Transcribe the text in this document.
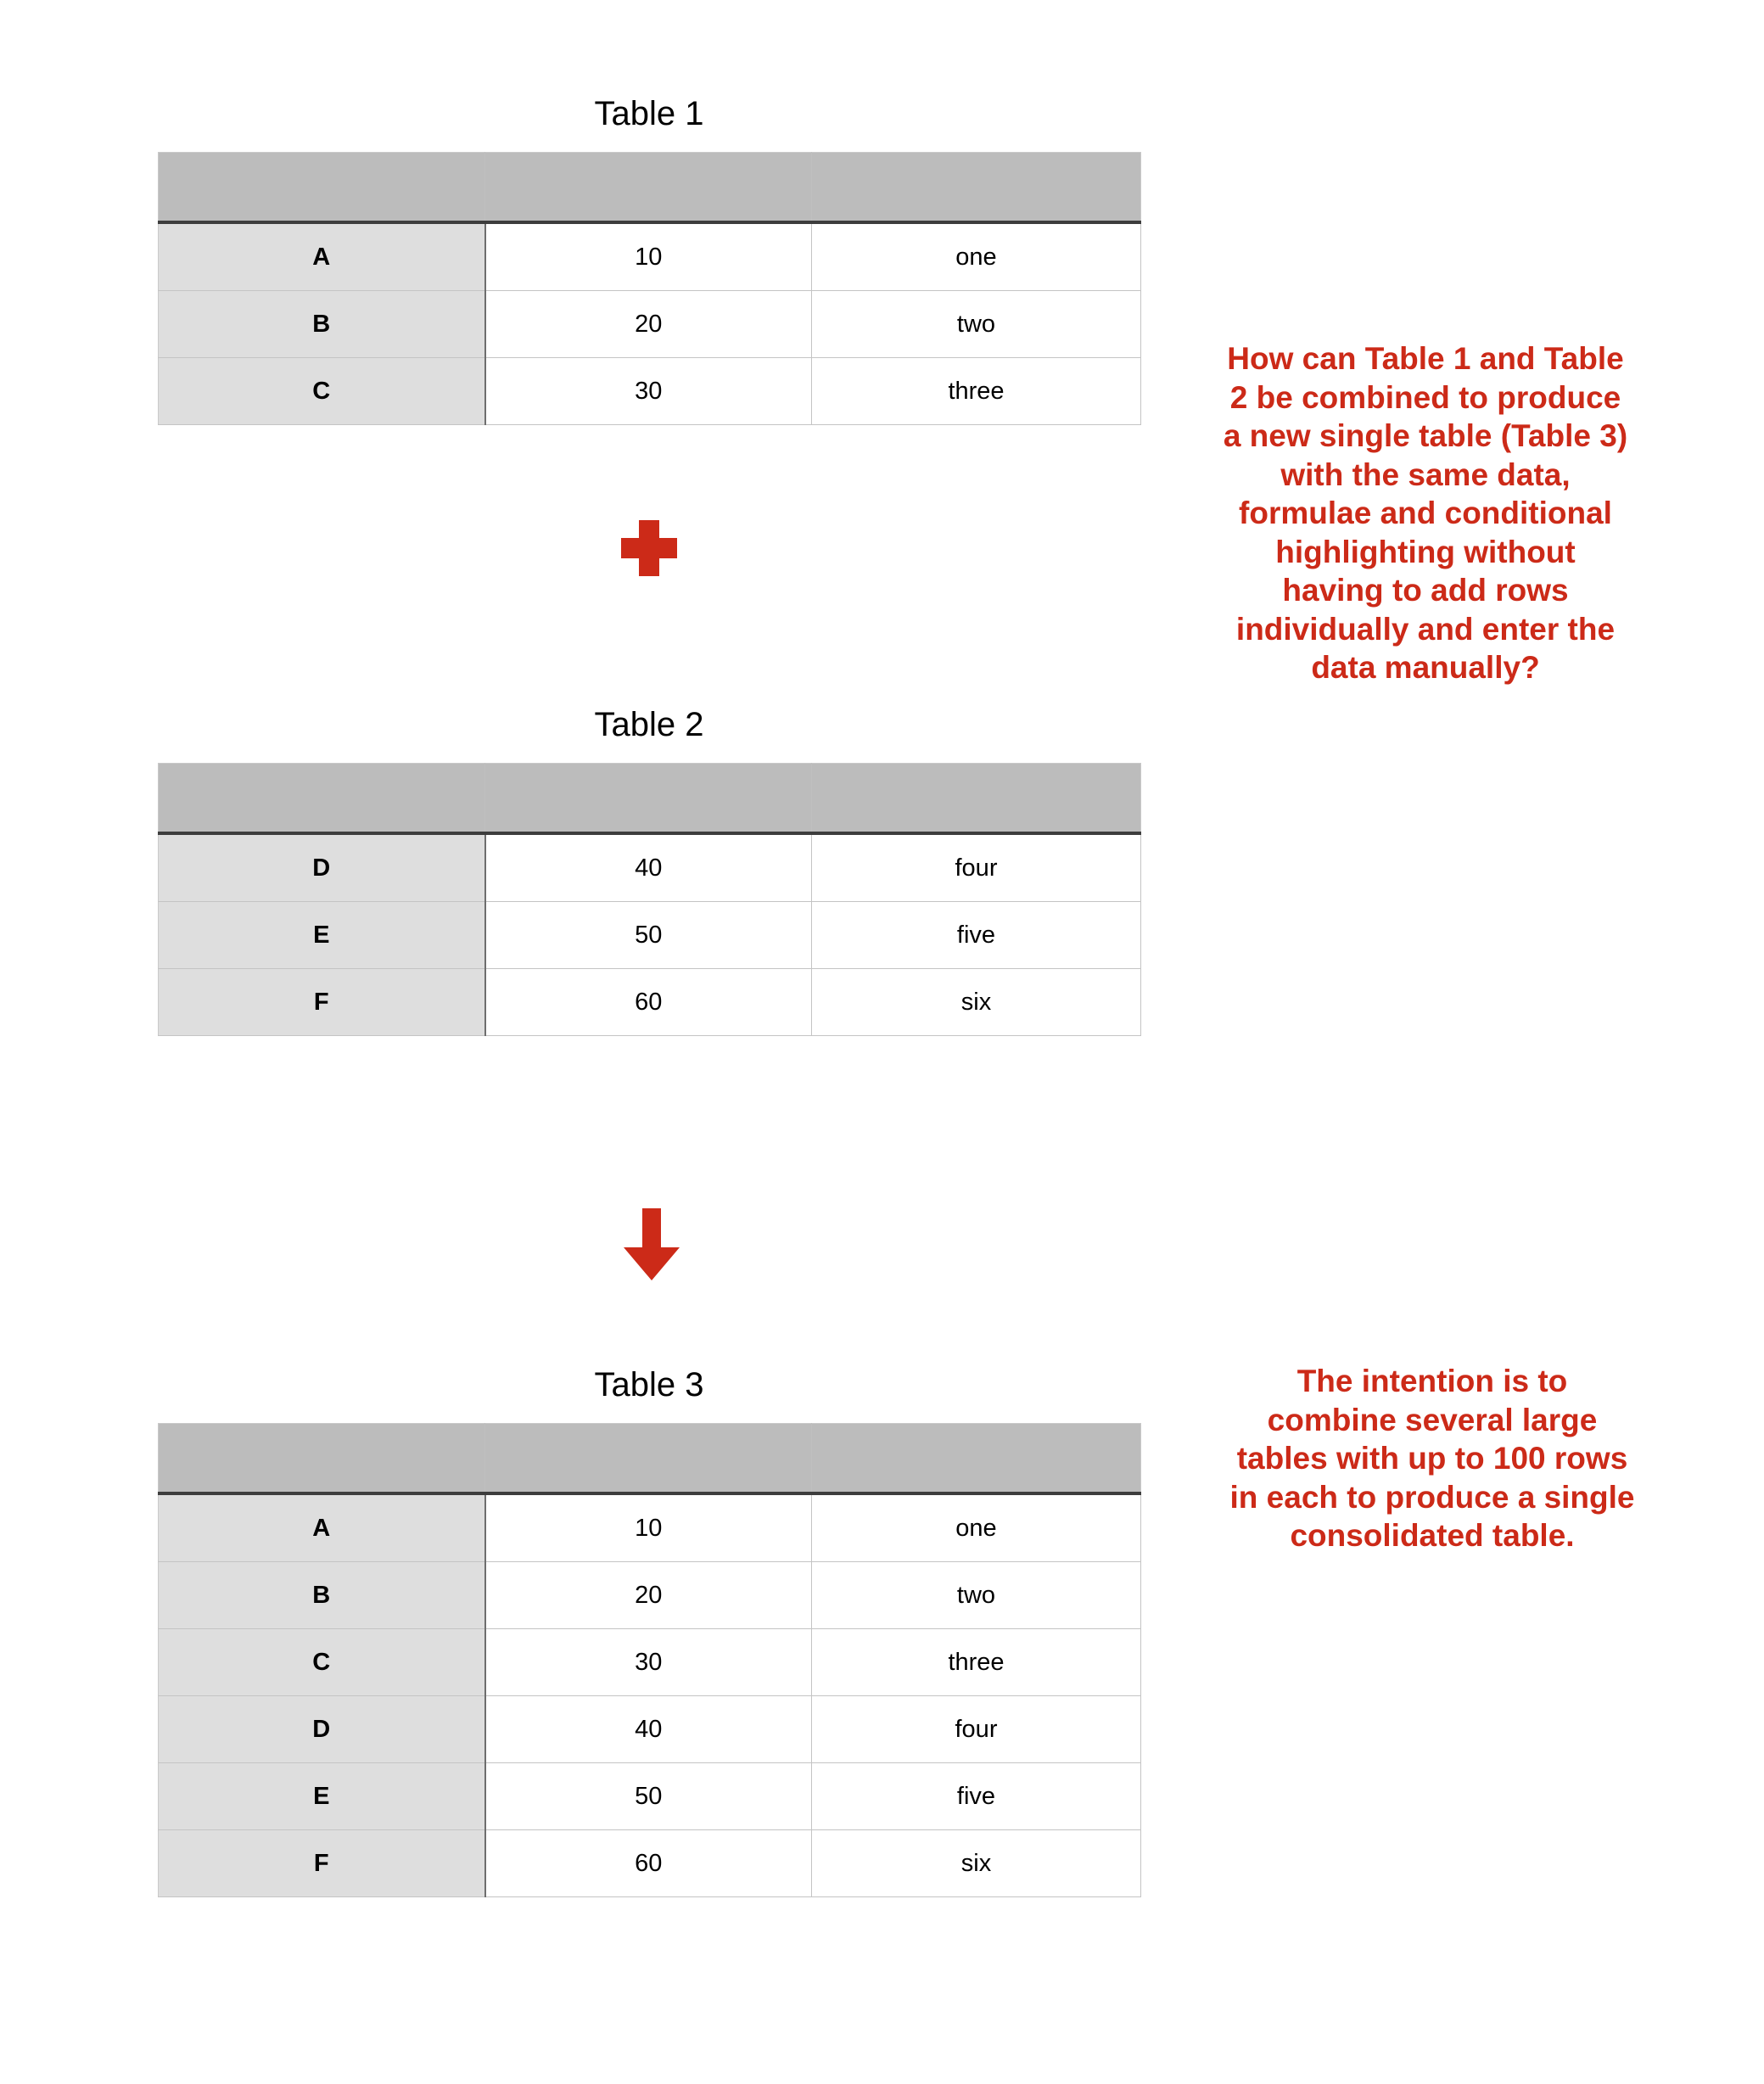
Table 1

A	10	one
B	20	two
C	30	three
Table 2

D	40	four
E	50	five
F	60	six
Table 3

A	10	one
B	20	two
C	30	three
D	40	four
E	50	five
F	60	six
How can Table 1 and Table 2 be combined to produce a new single table (Table 3) with the same data, formulae and conditional highlighting without having to add rows individually and enter the data manually?
The intention is to combine several large tables with up to 100 rows in each to produce a single consolidated table.
